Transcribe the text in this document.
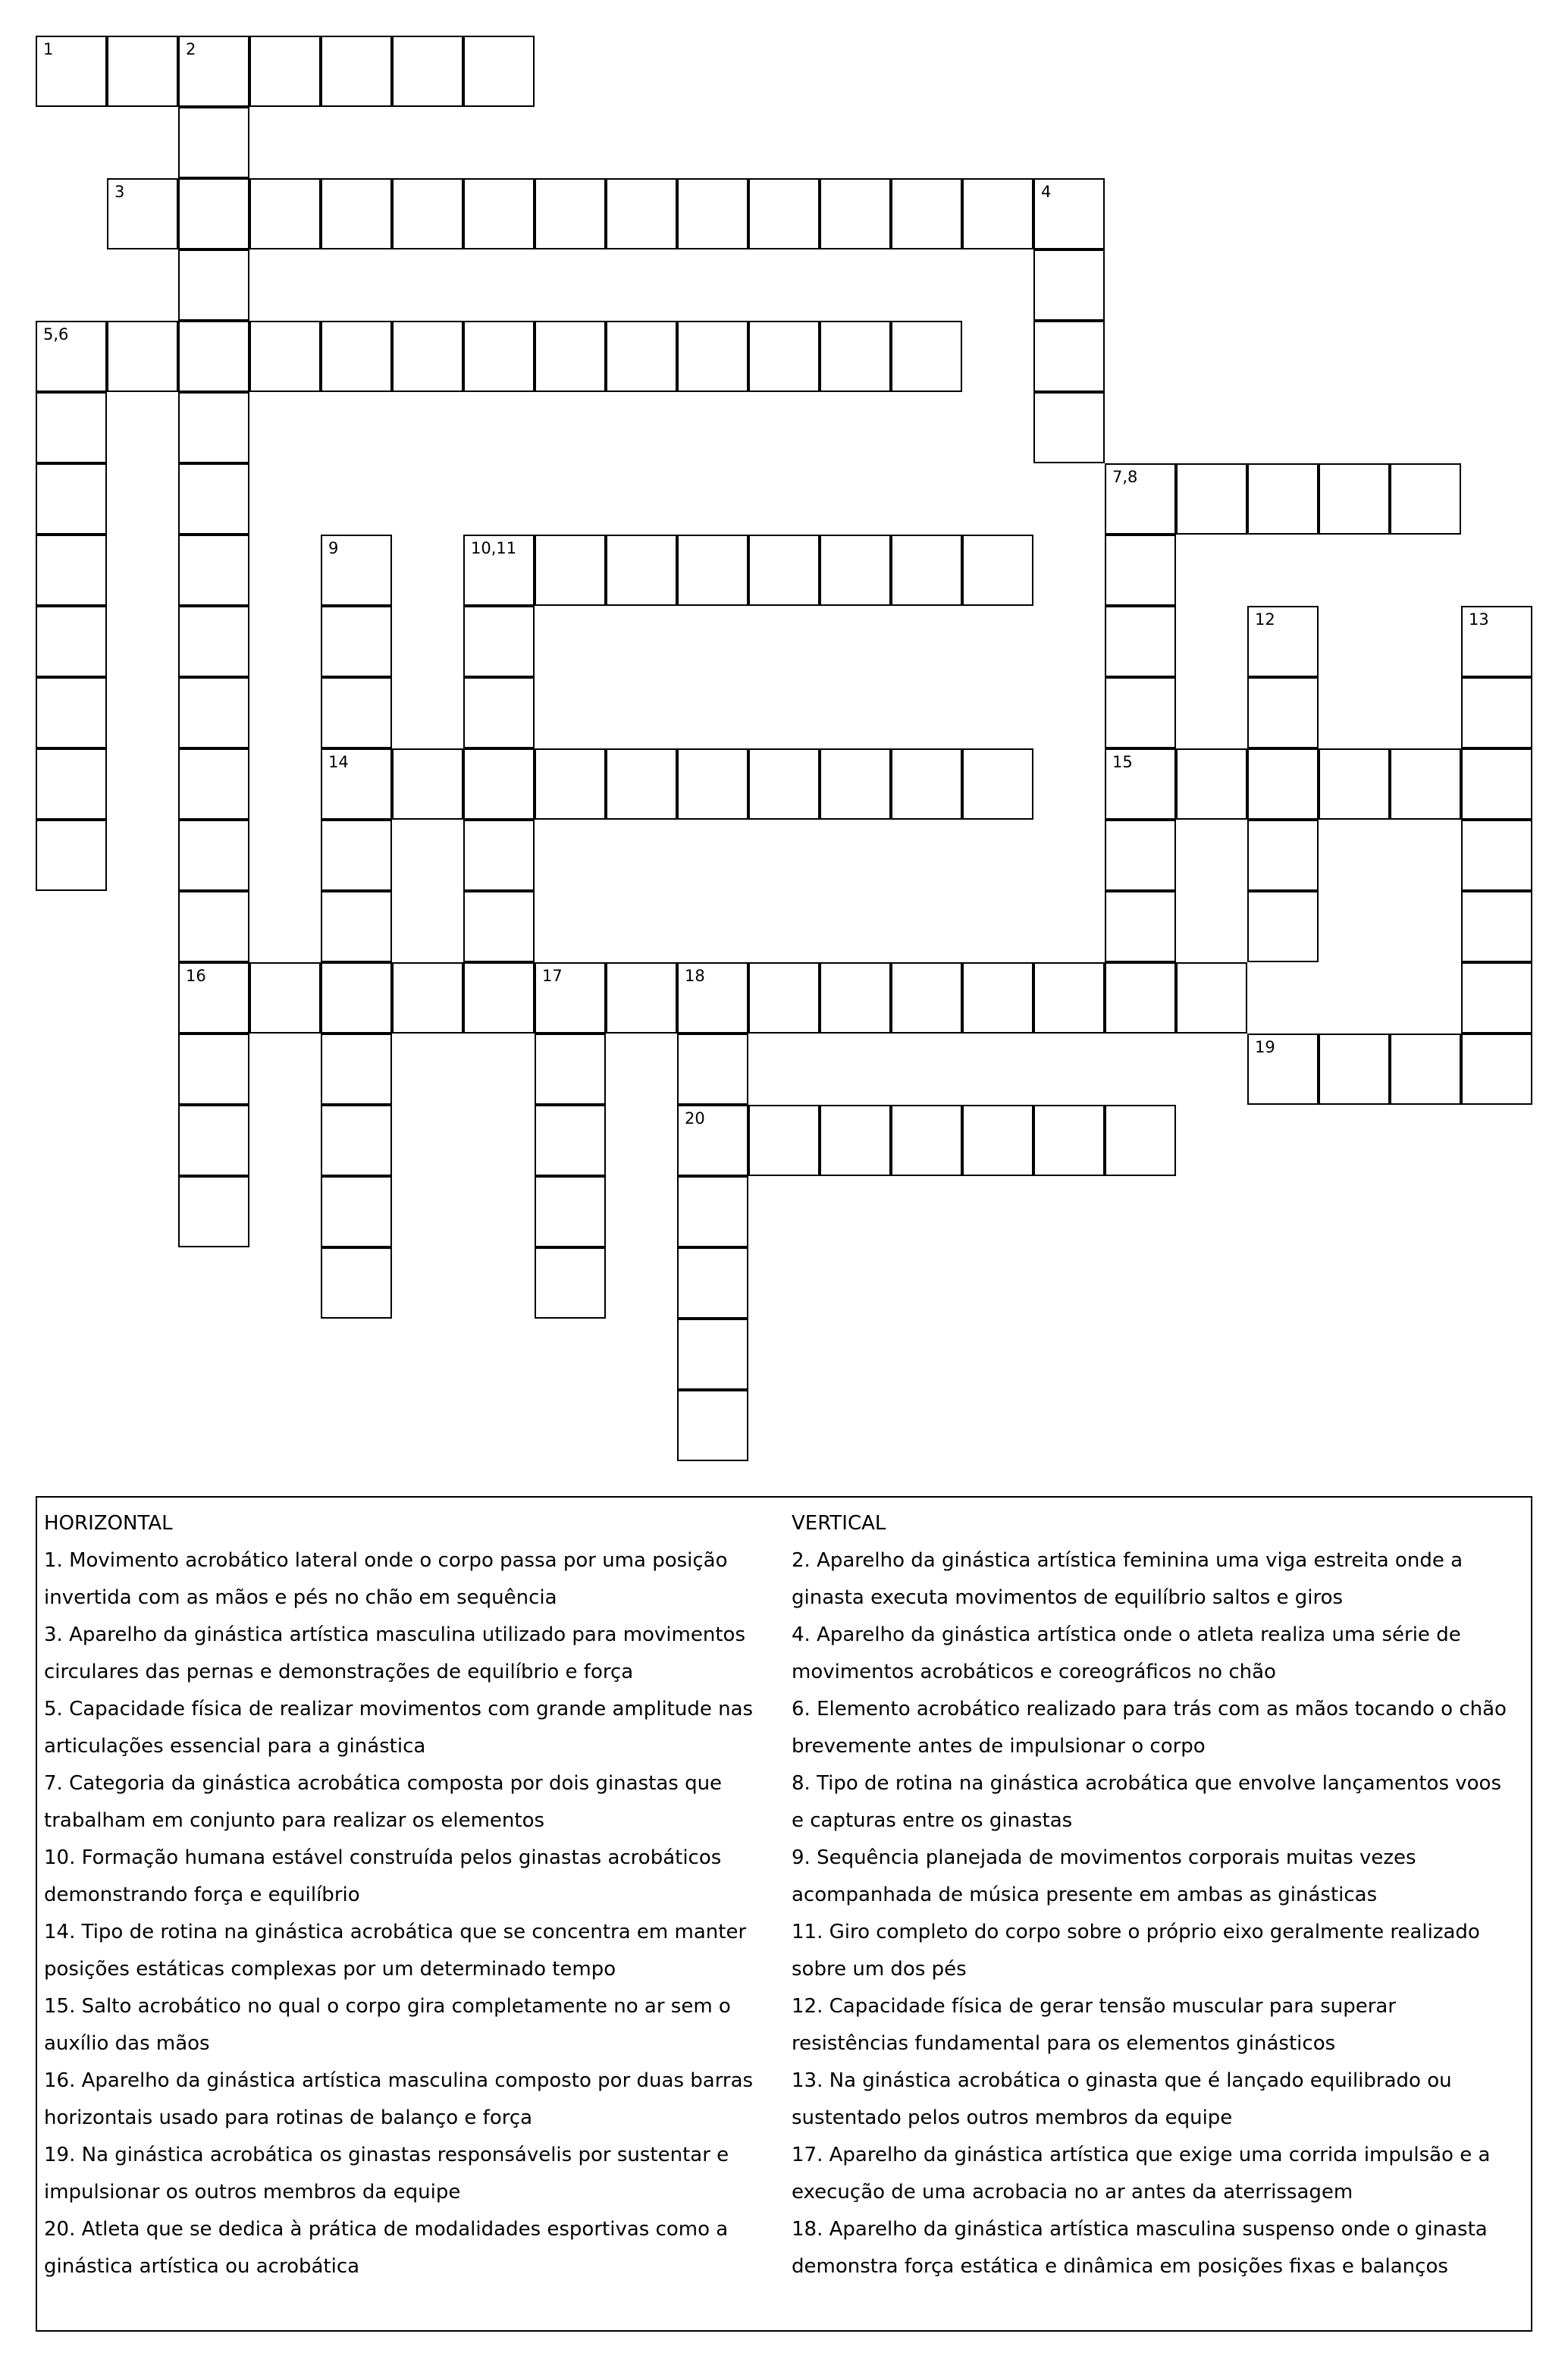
1	2
3	4
5,6
7,8
9	10,11
12	13
14	15
16	17	18
19
20
HORIZONTAL
1. Movimento acrobático lateral onde o corpo passa por uma posição
invertida com as mãos e pés no chão em sequência
3. Aparelho da ginástica artística masculina utilizado para movimentos
circulares das pernas e demonstrações de equilíbrio e força
5. Capacidade física de realizar movimentos com grande amplitude nas
articulações essencial para a ginástica
7. Categoria da ginástica acrobática composta por dois ginastas que
trabalham em conjunto para realizar os elementos
10. Formação humana estável construída pelos ginastas acrobáticos
demonstrando força e equilíbrio
14. Tipo de rotina na ginástica acrobática que se concentra em manter
posições estáticas complexas por um determinado tempo
15. Salto acrobático no qual o corpo gira completamente no ar sem o
auxílio das mãos
16. Aparelho da ginástica artística masculina composto por duas barras
horizontais usado para rotinas de balanço e força
19. Na ginástica acrobática os ginastas responsávelis por sustentar e
impulsionar os outros membros da equipe
20. Atleta que se dedica à prática de modalidades esportivas como a
ginástica artística ou acrobática
VERTICAL
2. Aparelho da ginástica artística feminina uma viga estreita onde a
ginasta executa movimentos de equilíbrio saltos e giros
4. Aparelho da ginástica artística onde o atleta realiza uma série de
movimentos acrobáticos e coreográficos no chão
6. Elemento acrobático realizado para trás com as mãos tocando o chão
brevemente antes de impulsionar o corpo
8. Tipo de rotina na ginástica acrobática que envolve lançamentos voos
e capturas entre os ginastas
9. Sequência planejada de movimentos corporais muitas vezes
acompanhada de música presente em ambas as ginásticas
11. Giro completo do corpo sobre o próprio eixo geralmente realizado
sobre um dos pés
12. Capacidade física de gerar tensão muscular para superar
resistências fundamental para os elementos ginásticos
13. Na ginástica acrobática o ginasta que é lançado equilibrado ou
sustentado pelos outros membros da equipe
17. Aparelho da ginástica artística que exige uma corrida impulsão e a
execução de uma acrobacia no ar antes da aterrissagem
18. Aparelho da ginástica artística masculina suspenso onde o ginasta
demonstra força estática e dinâmica em posições fixas e balanços
